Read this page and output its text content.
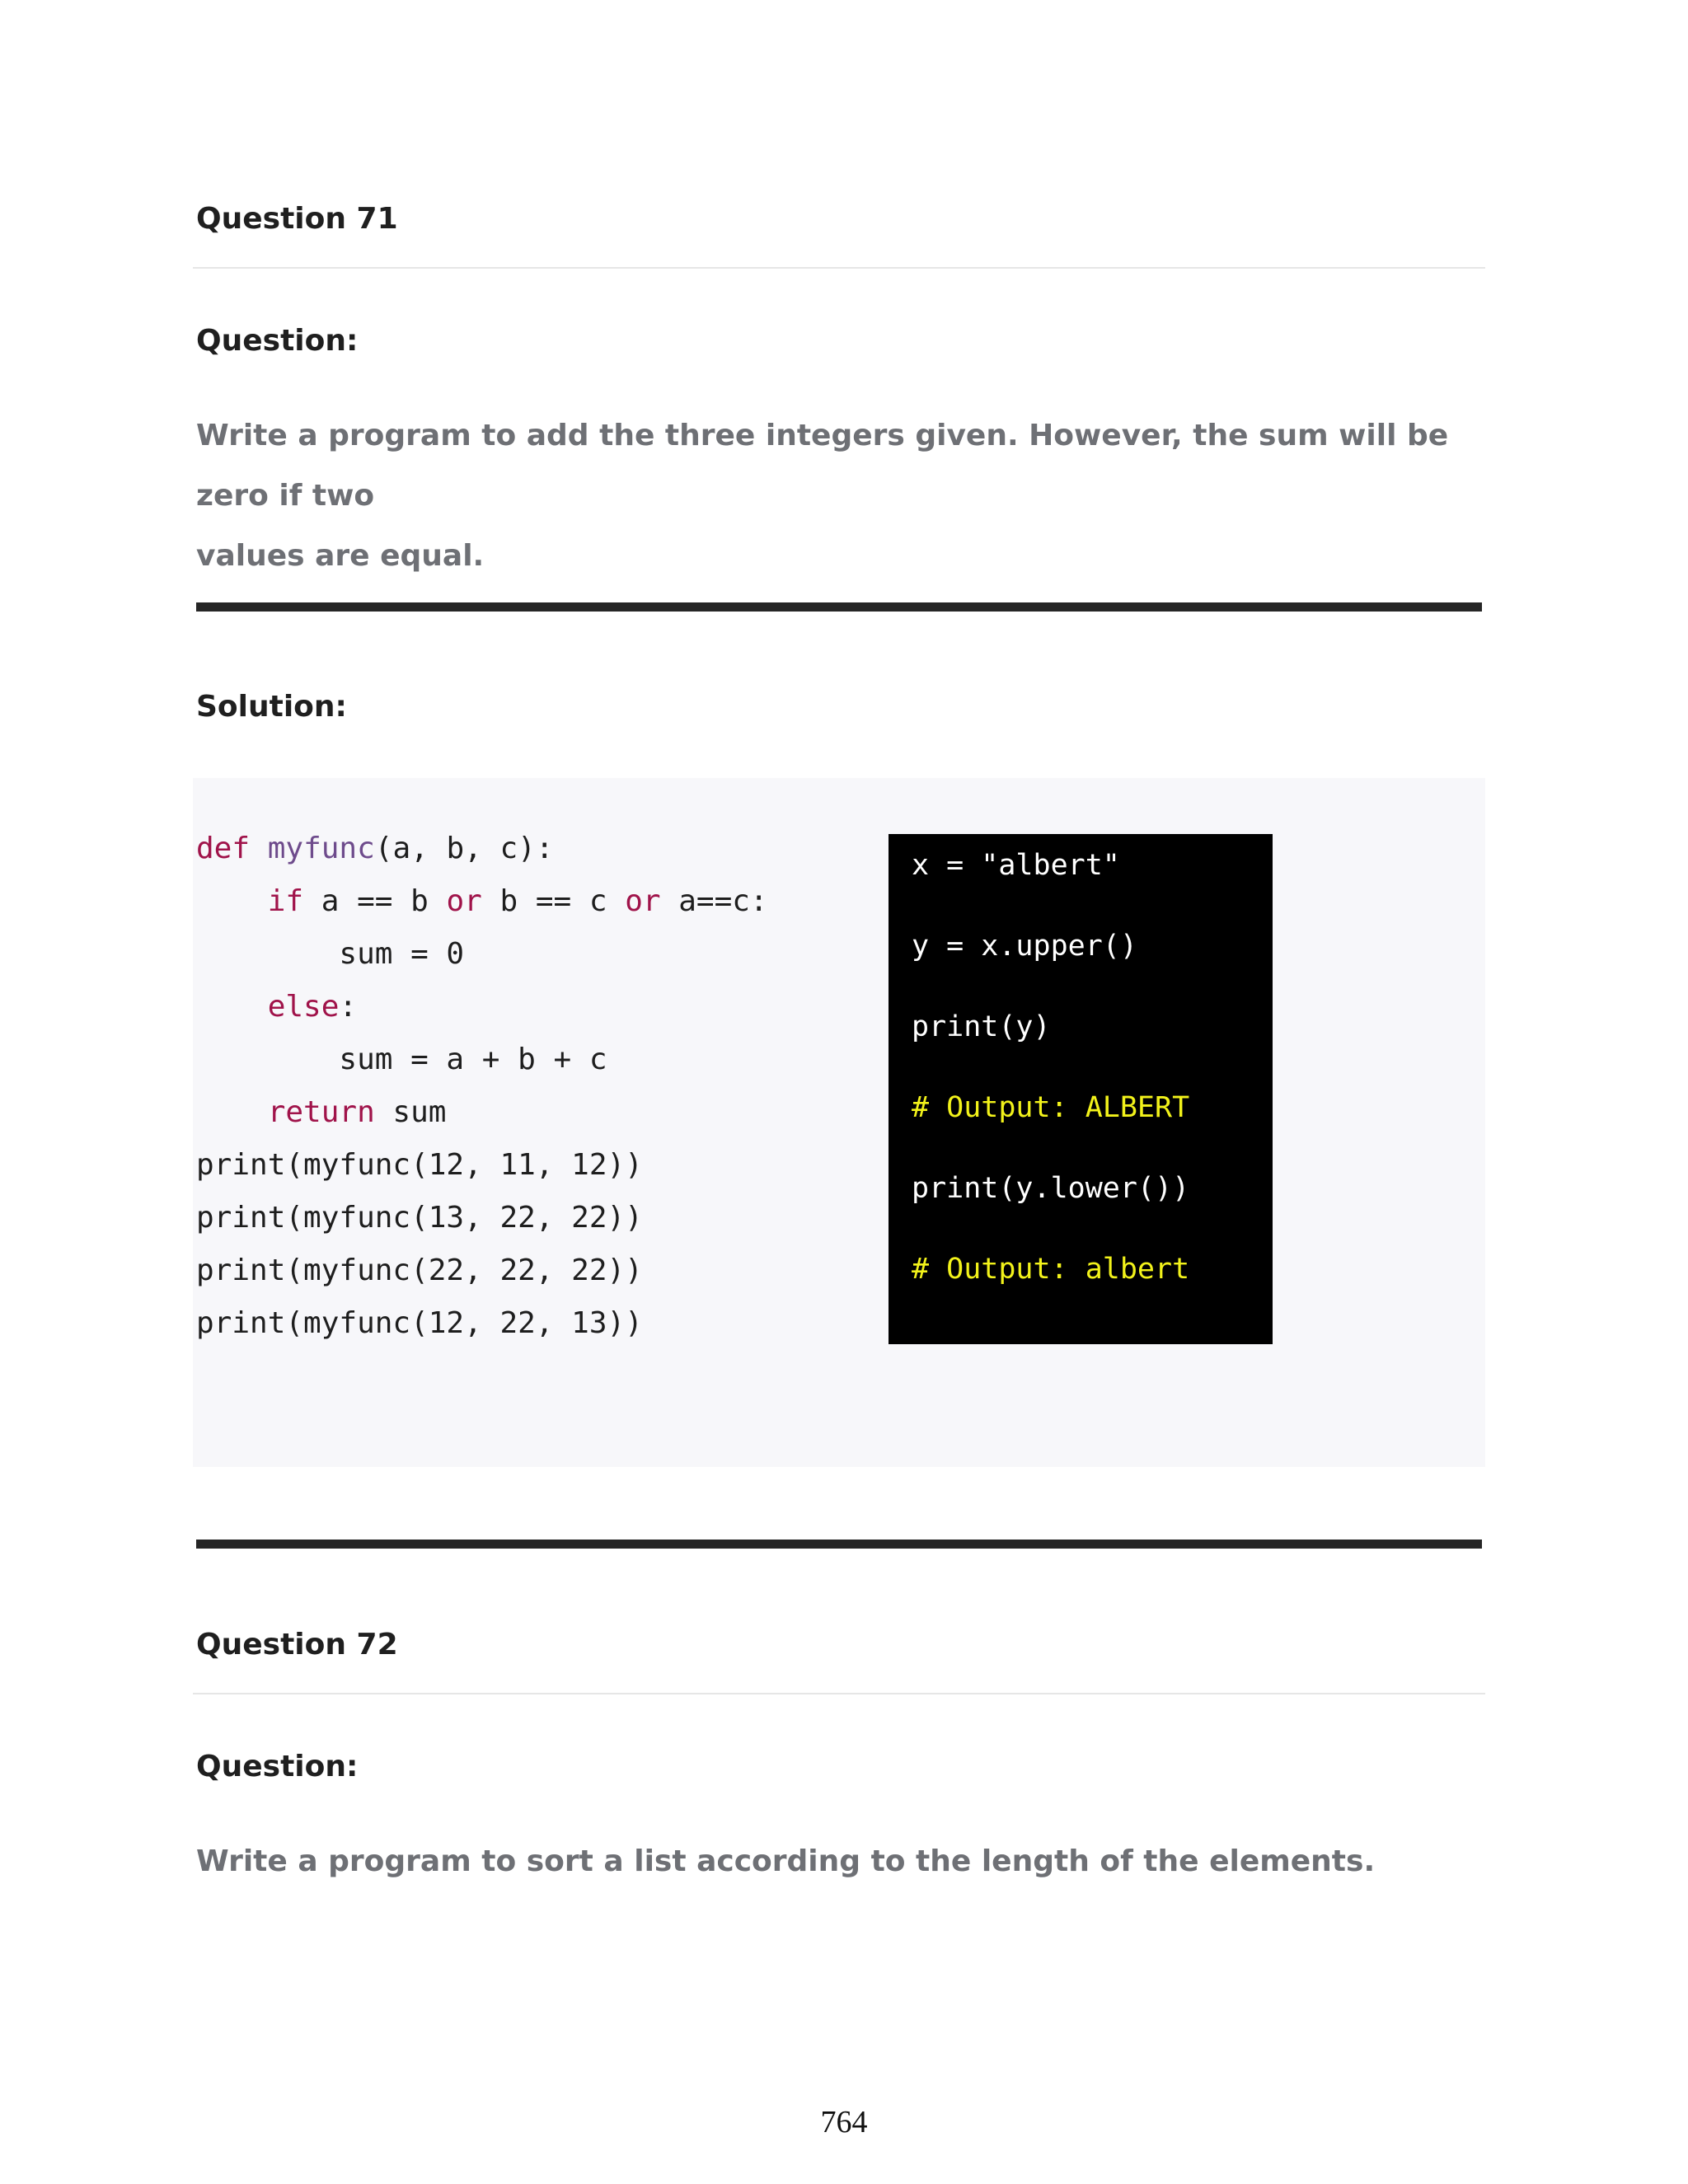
Question 71
Question:
Write a program to add the three integers given. However, the sum will be zero if two
values are equal.
Solution:
def myfunc(a, b, c):
if a == b or b == c or a==c:
sum = 0
else:
sum = a + b + c
return sum
print(myfunc(12, 11, 12))
print(myfunc(13, 22, 22))
print(myfunc(22, 22, 22))
print(myfunc(12, 22, 13))
x = "albert"
y = x.upper()
print(y)
# Output: ALBERT
print(y.lower())
# Output: albert
Question 72
Question:
Write a program to sort a list according to the length of the elements.
764
